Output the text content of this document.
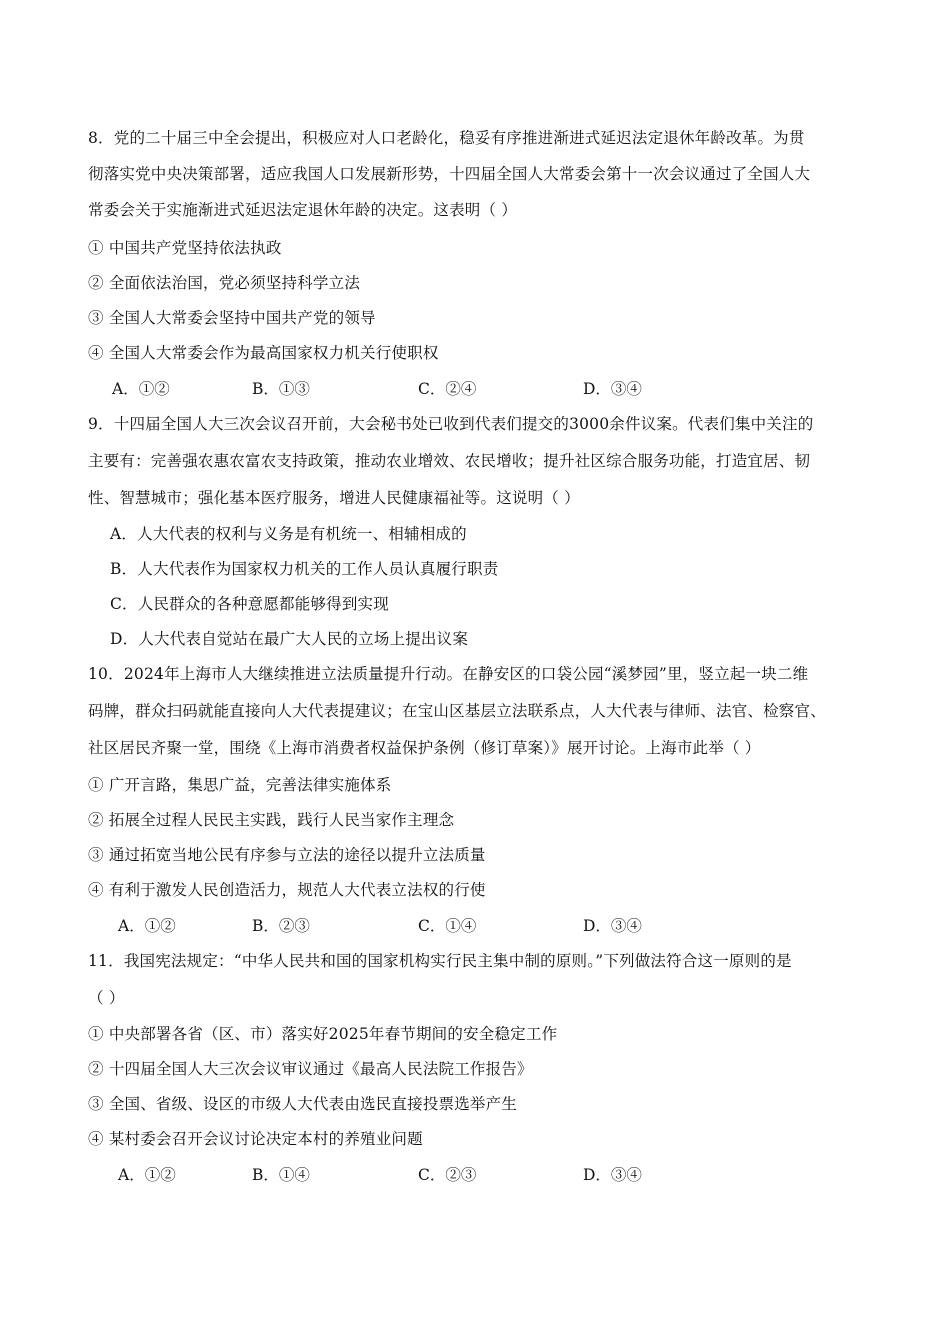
8．党的二十届三中全会提出，积极应对人口老龄化，稳妥有序推进渐进式延迟法定退休年龄改革。为贯
彻落实党中央决策部署，适应我国人口发展新形势，十四届全国人大常委会第十一次会议通过了全国人大
常委会关于实施渐进式延迟法定退休年龄的决定。这表明（ ）
① 中国共产党坚持依法执政
② 全面依法治国，党必须坚持科学立法
③ 全国人大常委会坚持中国共产党的领导
④ 全国人大常委会作为最高国家权力机关行使职权
A．①②	B．①③	C．②④	D．③④
9．十四届全国人大三次会议召开前，大会秘书处已收到代表们提交的3000余件议案。代表们集中关注的
主要有：完善强农惠农富农支持政策，推动农业增效、农民增收；提升社区综合服务功能，打造宜居、韧
性、智慧城市；强化基本医疗服务，增进人民健康福祉等。这说明（ ）
A．人大代表的权利与义务是有机统一、相辅相成的
B．人大代表作为国家权力机关的工作人员认真履行职责
C．人民群众的各种意愿都能够得到实现
D．人大代表自觉站在最广大人民的立场上提出议案
10．2024年上海市人大继续推进立法质量提升行动。在静安区的口袋公园“溪梦园”里，竖立起一块二维
码牌，群众扫码就能直接向人大代表提建议；在宝山区基层立法联系点，人大代表与律师、法官、检察官、
社区居民齐聚一堂，围绕《上海市消费者权益保护条例（修订草案）》展开讨论。上海市此举（ ）
① 广开言路，集思广益，完善法律实施体系
② 拓展全过程人民民主实践，践行人民当家作主理念
③ 通过拓宽当地公民有序参与立法的途径以提升立法质量
④ 有利于激发人民创造活力，规范人大代表立法权的行使
A．①②	B．②③	C．①④	D．③④
11．我国宪法规定：“中华人民共和国的国家机构实行民主集中制的原则。”下列做法符合这一原则的是
（ ）
① 中央部署各省（区、市）落实好2025年春节期间的安全稳定工作
② 十四届全国人大三次会议审议通过《最高人民法院工作报告》
③ 全国、省级、设区的市级人大代表由选民直接投票选举产生
④ 某村委会召开会议讨论决定本村的养殖业问题
A．①②	B．①④	C．②③	D．③④
